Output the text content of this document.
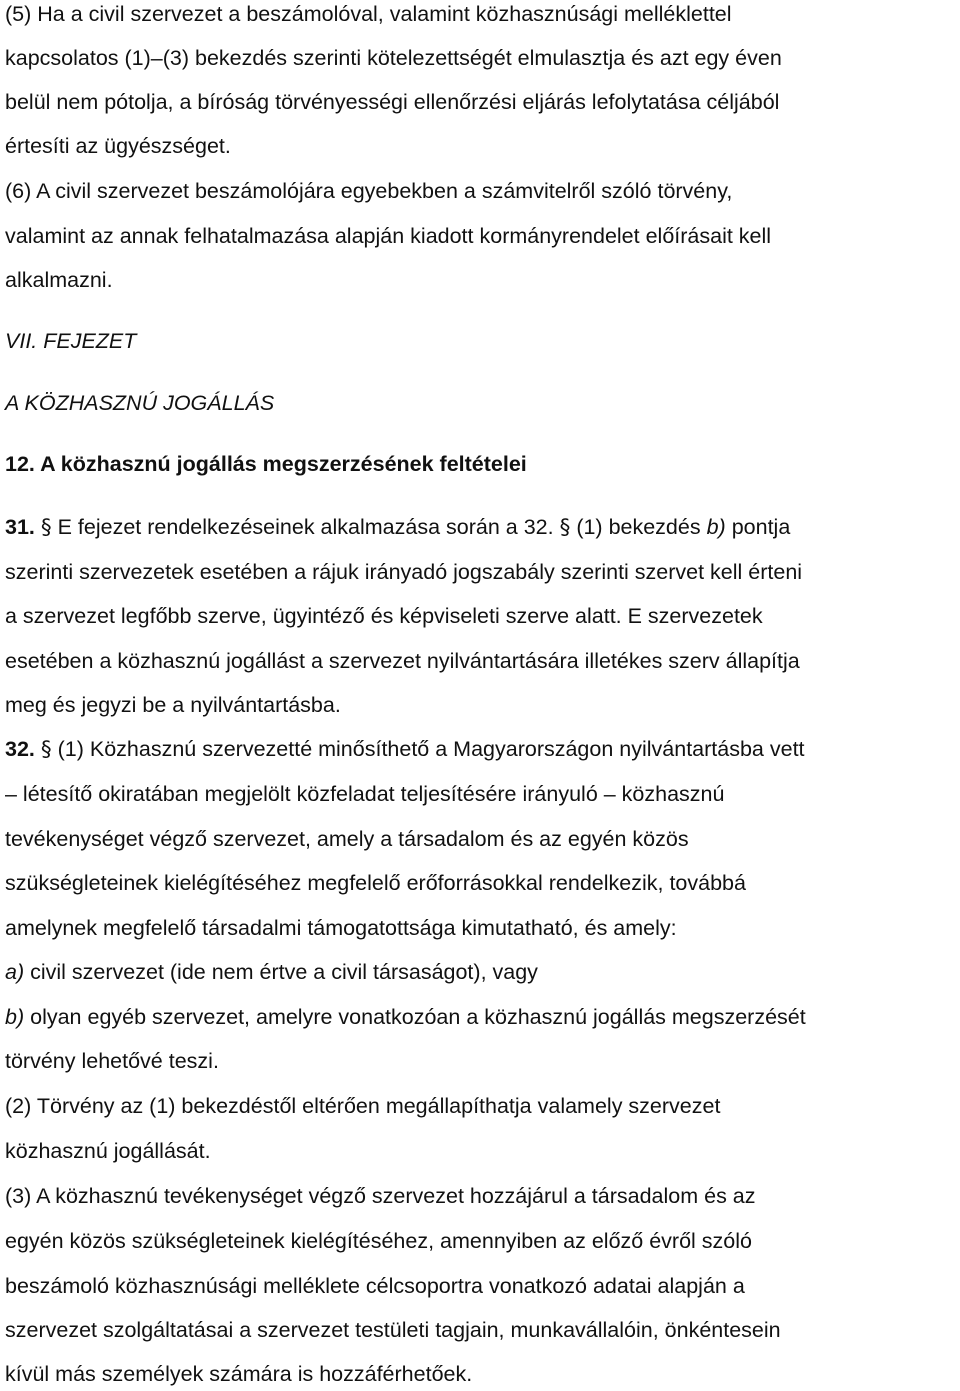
(5) Ha a civil szervezet a beszámolóval, valamint közhasznúsági melléklettel
kapcsolatos (1)–(3) bekezdés szerinti kötelezettségét elmulasztja és azt egy éven
belül nem pótolja, a bíróság törvényességi ellenőrzési eljárás lefolytatása céljából
értesíti az ügyészséget.
(6) A civil szervezet beszámolójára egyebekben a számvitelről szóló törvény,
valamint az annak felhatalmazása alapján kiadott kormányrendelet előírásait kell
alkalmazni.
VII. FEJEZET
A KÖZHASZNÚ JOGÁLLÁS
12. A közhasznú jogállás megszerzésének feltételei
31. § E fejezet rendelkezéseinek alkalmazása során a 32. § (1) bekezdés b) pontja
szerinti szervezetek esetében a rájuk irányadó jogszabály szerinti szervet kell érteni
a szervezet legfőbb szerve, ügyintéző és képviseleti szerve alatt. E szervezetek
esetében a közhasznú jogállást a szervezet nyilvántartására illetékes szerv állapítja
meg és jegyzi be a nyilvántartásba.
32. § (1) Közhasznú szervezetté minősíthető a Magyarországon nyilvántartásba vett
– létesítő okiratában megjelölt közfeladat teljesítésére irányuló – közhasznú
tevékenységet végző szervezet, amely a társadalom és az egyén közös
szükségleteinek kielégítéséhez megfelelő erőforrásokkal rendelkezik, továbbá
amelynek megfelelő társadalmi támogatottsága kimutatható, és amely:
a) civil szervezet (ide nem értve a civil társaságot), vagy
b) olyan egyéb szervezet, amelyre vonatkozóan a közhasznú jogállás megszerzését
törvény lehetővé teszi.
(2) Törvény az (1) bekezdéstől eltérően megállapíthatja valamely szervezet
közhasznú jogállását.
(3) A közhasznú tevékenységet végző szervezet hozzájárul a társadalom és az
egyén közös szükségleteinek kielégítéséhez, amennyiben az előző évről szóló
beszámoló közhasznúsági melléklete célcsoportra vonatkozó adatai alapján a
szervezet szolgáltatásai a szervezet testületi tagjain, munkavállalóin, önkéntesein
kívül más személyek számára is hozzáférhetőek.
